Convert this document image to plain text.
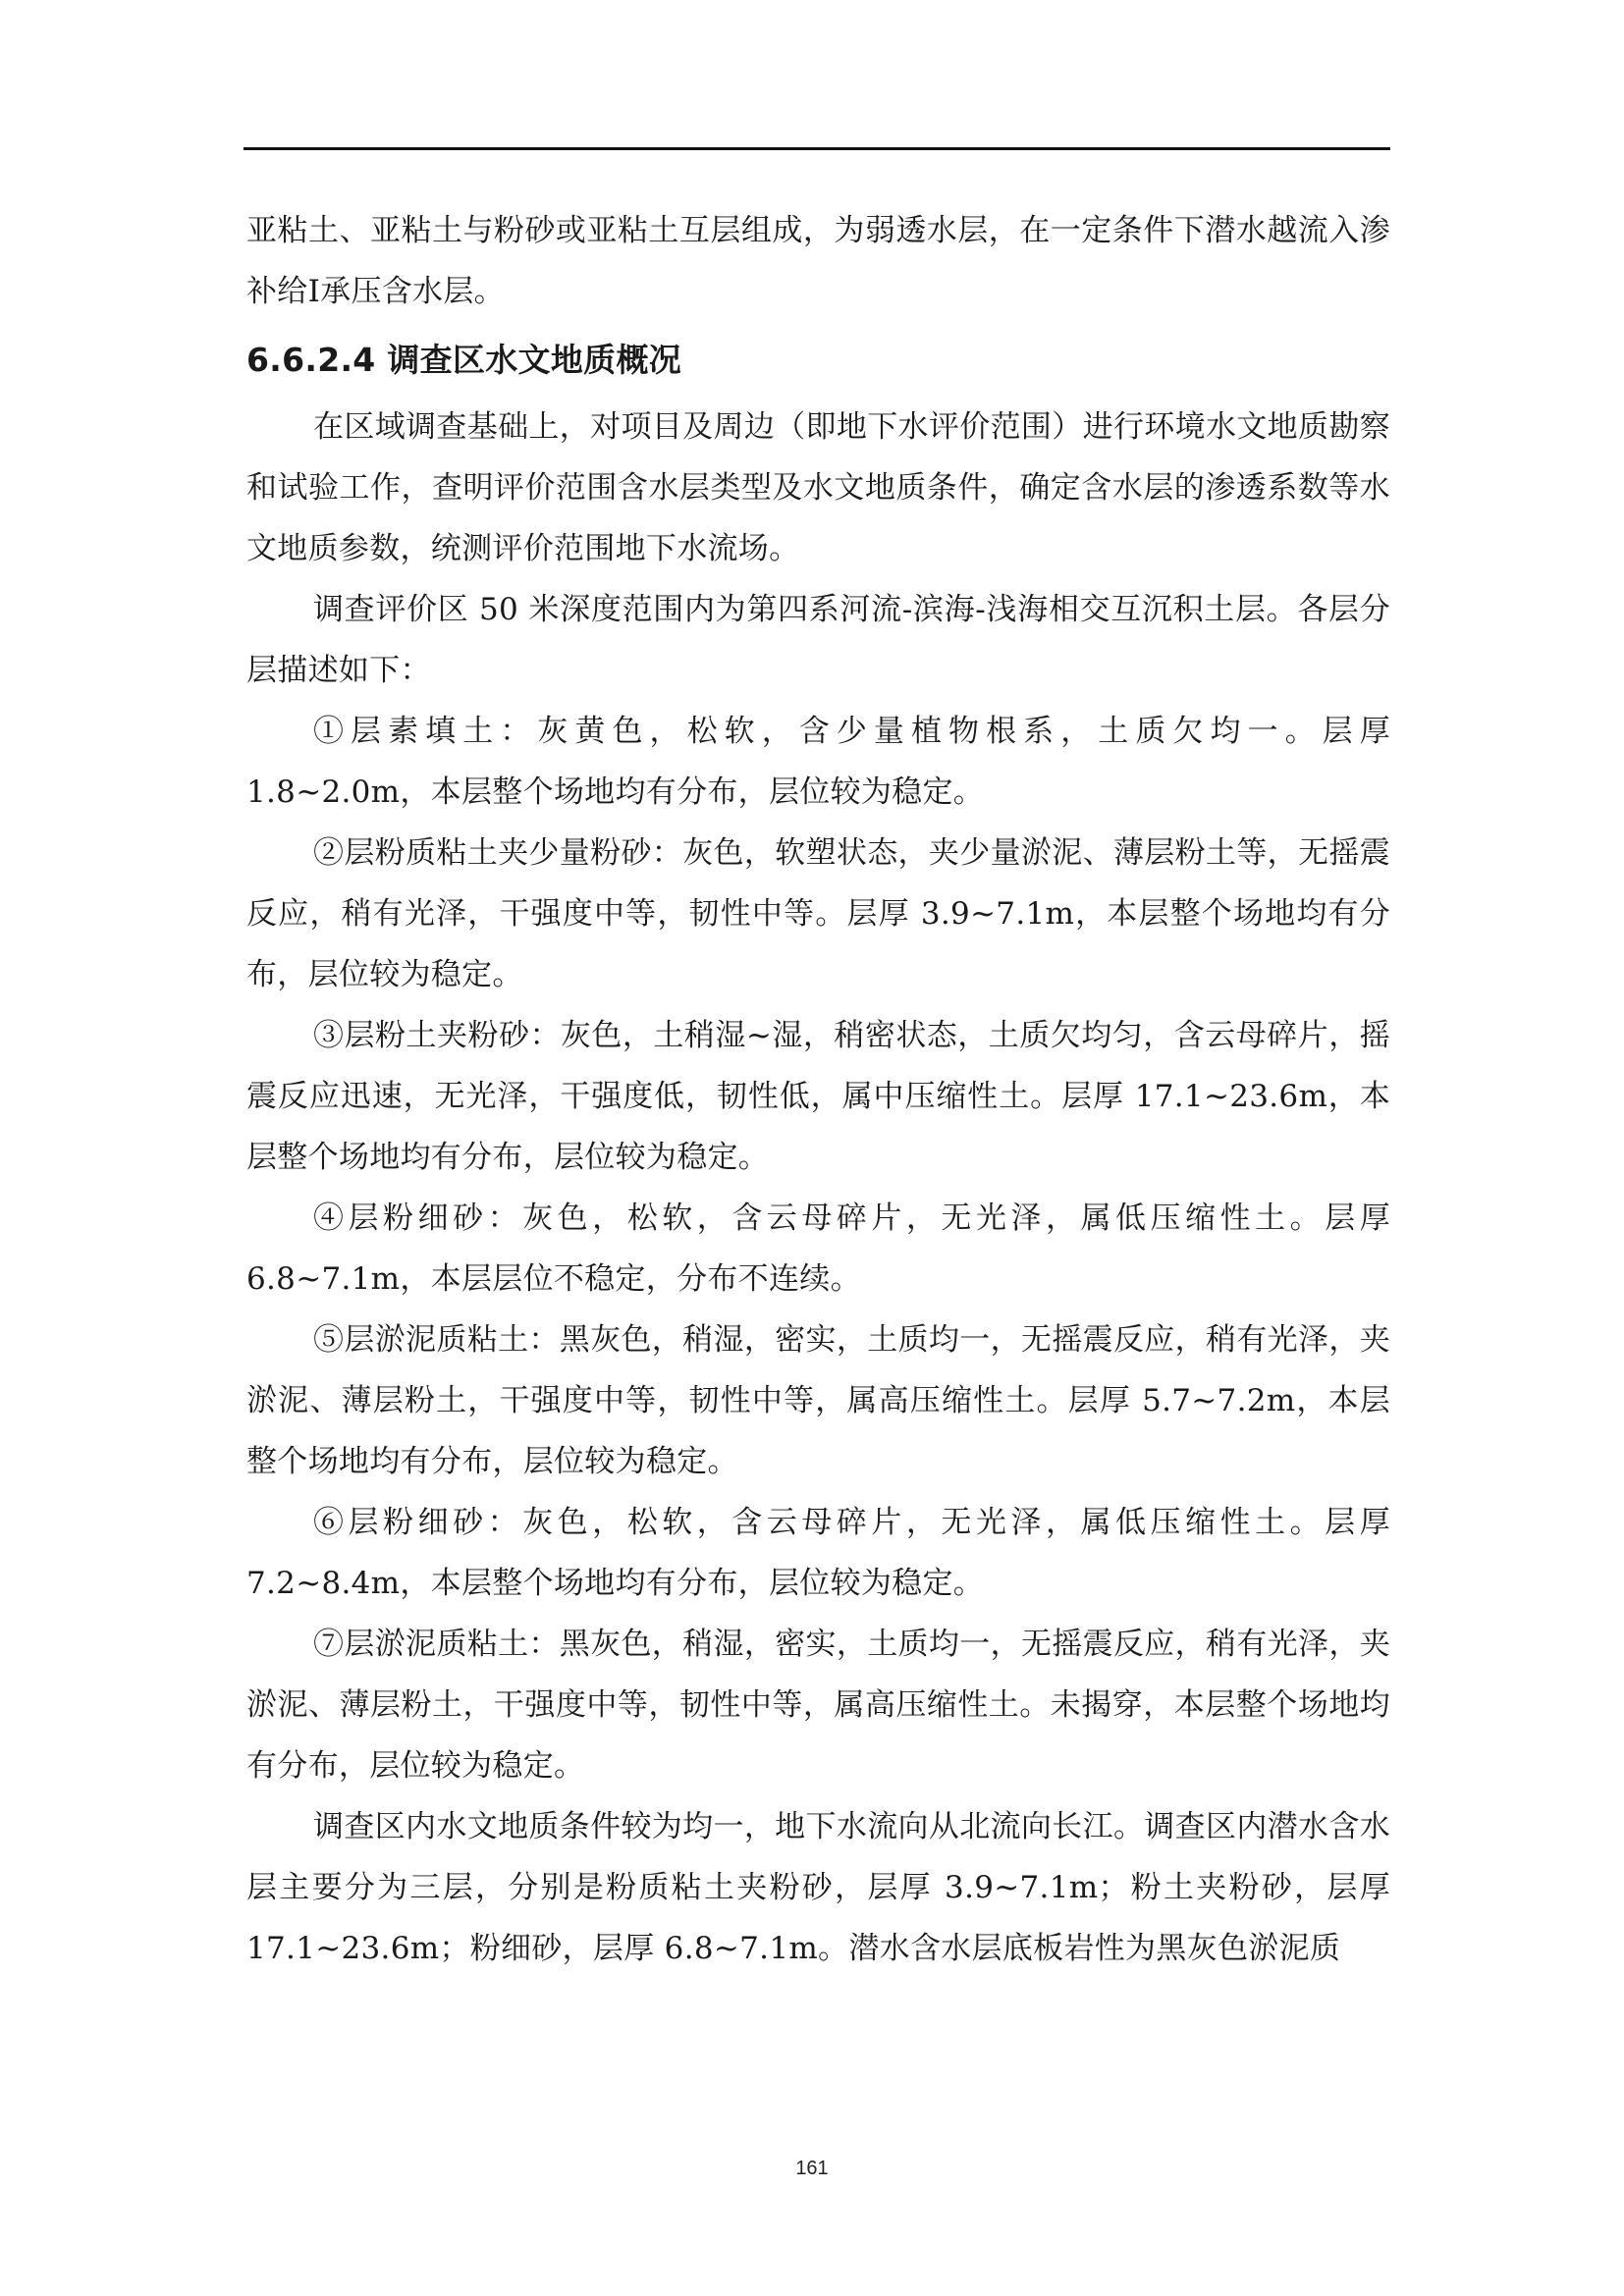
亚粘土、亚粘土与粉砂或亚粘土互层组成，为弱透水层，在一定条件下潜水越流入渗补给Ⅰ承压含水层。

6.6.2.4 调查区水文地质概况

在区域调查基础上，对项目及周边（即地下水评价范围）进行环境水文地质勘察和试验工作，查明评价范围含水层类型及水文地质条件，确定含水层的渗透系数等水文地质参数，统测评价范围地下水流场。

调查评价区 50 米深度范围内为第四系河流-滨海-浅海相交互沉积土层。各层分层描述如下：

①层素填土：灰黄色，松软，含少量植物根系，土质欠均一。层厚 1.8~2.0m，本层整个场地均有分布，层位较为稳定。

②层粉质粘土夹少量粉砂：灰色，软塑状态，夹少量淤泥、薄层粉土等，无摇震反应，稍有光泽，干强度中等，韧性中等。层厚 3.9~7.1m，本层整个场地均有分布，层位较为稳定。

③层粉土夹粉砂：灰色，土稍湿~湿，稍密状态，土质欠均匀，含云母碎片，摇震反应迅速，无光泽，干强度低，韧性低，属中压缩性土。层厚 17.1~23.6m，本层整个场地均有分布，层位较为稳定。

④层粉细砂：灰色，松软，含云母碎片，无光泽，属低压缩性土。层厚 6.8~7.1m，本层层位不稳定，分布不连续。

⑤层淤泥质粘土：黑灰色，稍湿，密实，土质均一，无摇震反应，稍有光泽，夹淤泥、薄层粉土，干强度中等，韧性中等，属高压缩性土。层厚 5.7~7.2m，本层整个场地均有分布，层位较为稳定。

⑥层粉细砂：灰色，松软，含云母碎片，无光泽，属低压缩性土。层厚 7.2~8.4m，本层整个场地均有分布，层位较为稳定。

⑦层淤泥质粘土：黑灰色，稍湿，密实，土质均一，无摇震反应，稍有光泽，夹淤泥、薄层粉土，干强度中等，韧性中等，属高压缩性土。未揭穿，本层整个场地均有分布，层位较为稳定。

调查区内水文地质条件较为均一，地下水流向从北流向长江。调查区内潜水含水层主要分为三层，分别是粉质粘土夹粉砂，层厚 3.9~7.1m；粉土夹粉砂，层厚 17.1~23.6m；粉细砂，层厚 6.8~7.1m。潜水含水层底板岩性为黑灰色淤泥质

161
